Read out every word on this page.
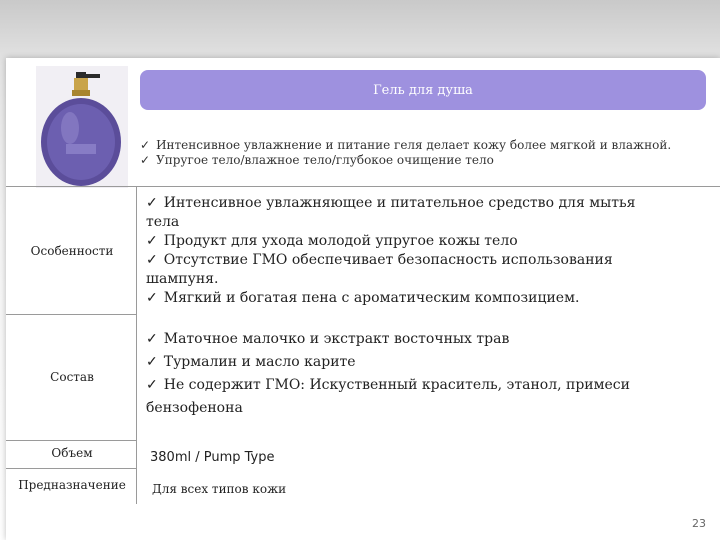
Гель для душа
✓ Интенсивное увлажнение и питание геля делает кожу более мягкой и влажной.
✓ Упругое тело/влажное тело/глубокое очищение тело
Особенности
✓ Интенсивное увлажняющее и питательное средство для мытья
тела
✓ Продукт для ухода молодой упругое кожы тело
✓ Отсутствие ГМО обеспечивает безопасность использования
шампуня.
✓ Мягкий и богатая пена с ароматическим композицием.
Состав
✓ Маточное малочко и экстракт восточных трав
✓ Турмалин и масло карите
✓ Не содержит ГМО: Искуственный краситель, этанол, примеси
бензофенона
Объем	380ml / Pump Type
Предназначение	Для всех типов кожи
23
